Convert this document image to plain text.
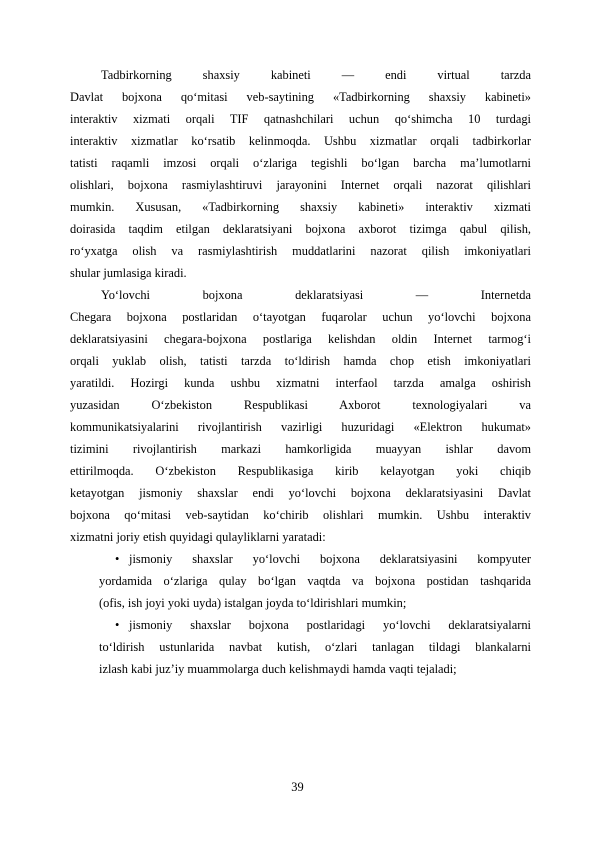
Tadbirkorning shaxsiy kabineti — endi virtual tarzda
Davlat bojxona qo‘mitasi veb-saytining «Tadbirkorning shaxsiy kabineti»
interaktiv xizmati orqali TIF qatnashchilari uchun qo‘shimcha 10 turdagi
interaktiv xizmatlar ko‘rsatib kelinmoqda. Ushbu xizmatlar orqali tadbirkorlar
tatisti raqamli imzosi orqali o‘zlariga tegishli bo‘lgan barcha ma’lumotlarni
olishlari, bojxona rasmiylashtiruvi jarayonini Internet orqali nazorat qilishlari
mumkin. Xususan, «Tadbirkorning shaxsiy kabineti» interaktiv xizmati
doirasida taqdim etilgan deklaratsiyani bojxona axborot tizimga qabul qilish,
ro‘yxatga olish va rasmiylashtirish muddatlarini nazorat qilish imkoniyatlari
shular jumlasiga kiradi.
Yo‘lovchi bojxona deklaratsiyasi — Internetda
Chegara bojxona postlaridan o‘tayotgan fuqarolar uchun yo‘lovchi bojxona
deklaratsiyasini chegara-bojxona postlariga kelishdan oldin Internet tarmog‘i
orqali yuklab olish, tatisti tarzda to‘ldirish hamda chop etish imkoniyatlari
yaratildi. Hozirgi kunda ushbu xizmatni interfaol tarzda amalga oshirish
yuzasidan O‘zbekiston Respublikasi Axborot texnologiyalari va
kommunikatsiyalarini rivojlantirish vazirligi huzuridagi «Elektron hukumat»
tizimini rivojlantirish markazi hamkorligida muayyan ishlar davom
ettirilmoqda. O‘zbekiston Respublikasiga kirib kelayotgan yoki chiqib
ketayotgan jismoniy shaxslar endi yo‘lovchi bojxona deklaratsiyasini Davlat
bojxona qo‘mitasi veb-saytidan ko‘chirib olishlari mumkin. Ushbu interaktiv
xizmatni joriy etish quyidagi qulayliklarni yaratadi:
• jismoniy shaxslar yo‘lovchi bojxona deklaratsiyasini kompyuter
yordamida o‘zlariga qulay bo‘lgan vaqtda va bojxona postidan tashqarida
(ofis, ish joyi yoki uyda) istalgan joyda to‘ldirishlari mumkin;
• jismoniy shaxslar bojxona postlaridagi yo‘lovchi deklaratsiyalarni
to‘ldirish ustunlarida navbat kutish, o‘zlari tanlagan tildagi blankalarni
izlash kabi juz’iy muammolarga duch kelishmaydi hamda vaqti tejaladi;
39
